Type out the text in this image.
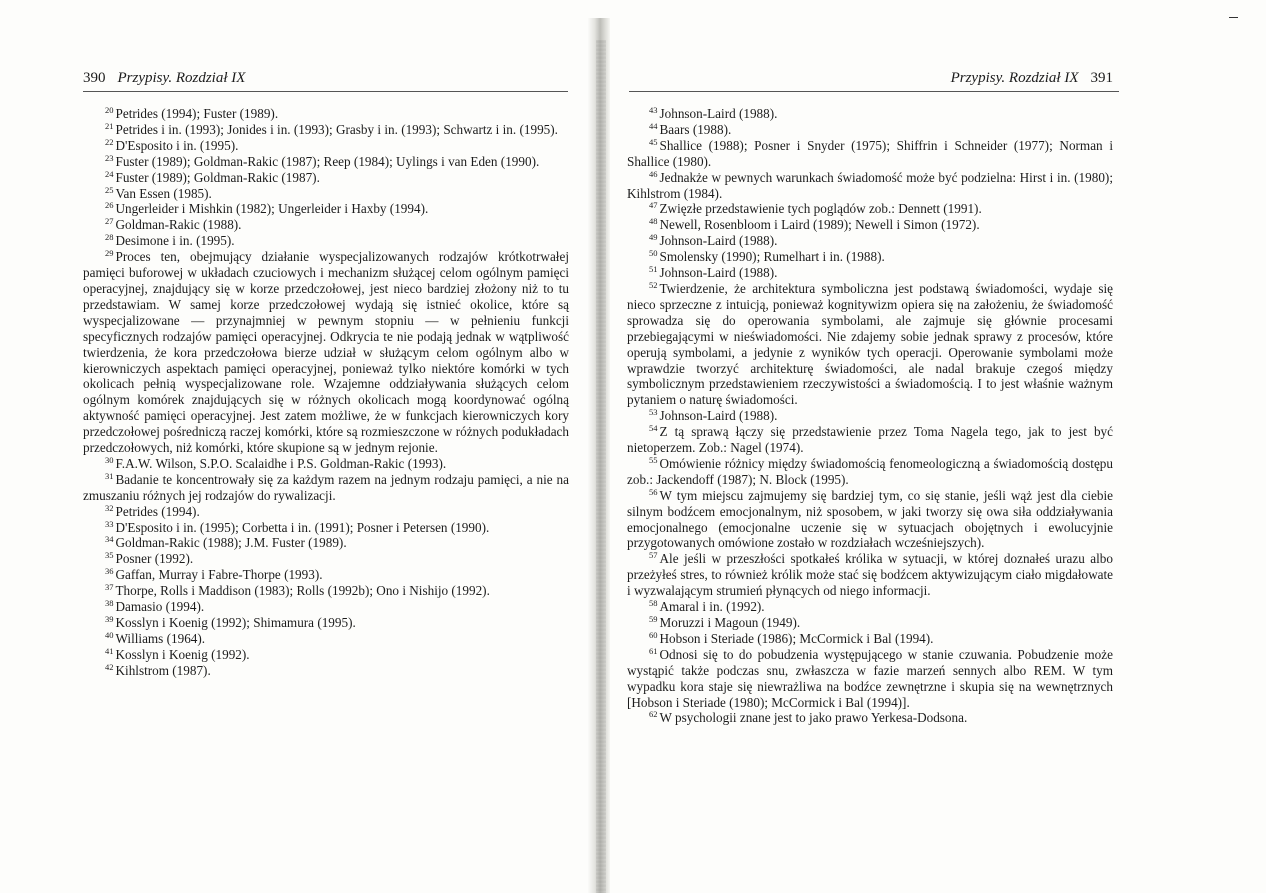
390 Przypisy. Rozdział IX

$^{20}$ Petrides (1994); Fuster (1989).

$^{21}$ Petrides i in. (1993); Jonides i in. (1993); Grasby i in. (1993); Schwartz i in. (1995).

$^{22}$ D'Esposito i in. (1995).

$^{23}$ Fuster (1989); Goldman-Rakic (1987); Reep (1984); Uylings i van Eden (1990).

$^{24}$ Fuster (1989); Goldman-Rakic (1987).

$^{25}$ Van Essen (1985).

$^{26}$ Ungerleider i Mishkin (1982); Ungerleider i Haxby (1994).

$^{27}$ Goldman-Rakic (1988).

$^{28}$ Desimone i in. (1995).

$^{29}$ Proces ten, obejmujący działanie wyspecjalizowanych rodzajów krótkotrwałej pamięci buforowej w układach czuciowych i mechanizm służącej celom ogólnym pamięci operacyjnej, znajdujący się w korze przedczołowej, jest nieco bardziej złożony niż to tu przedstawiam. W samej korze przedczołowej wydają się istnieć okolice, które są wyspecjalizowane — przynajmniej w pewnym stopniu — w pełnieniu funkcji specyficznych rodzajów pamięci operacyjnej. Odkrycia te nie podają jednak w wątpliwość twierdzenia, że kora przedczołowa bierze udział w służącym celom ogólnym albo w kierowniczych aspektach pamięci operacyjnej, ponieważ tylko niektóre komórki w tych okolicach pełnią wyspecjalizowane role. Wzajemne oddziaływania służących celom ogólnym komórek znajdujących się w różnych okolicach mogą koordynować ogólną aktywność pamięci operacyjnej. Jest zatem możliwe, że w funkcjach kierowniczych kory przedczołowej pośredniczą raczej komórki, które są rozmieszczone w różnych podukładach przedczołowych, niż komórki, które skupione są w jednym rejonie.

$^{30}$ F.A.W. Wilson, S.P.O. Scalaidhe i P.S. Goldman-Rakic (1993).

$^{31}$ Badanie te koncentrowały się za każdym razem na jednym rodzaju pamięci, a nie na zmuszaniu różnych jej rodzajów do rywalizacji.

$^{32}$ Petrides (1994).

$^{33}$ D'Esposito i in. (1995); Corbetta i in. (1991); Posner i Petersen (1990).

$^{34}$ Goldman-Rakic (1988); J.M. Fuster (1989).

$^{35}$ Posner (1992).

$^{36}$ Gaffan, Murray i Fabre-Thorpe (1993).

$^{37}$ Thorpe, Rolls i Maddison (1983); Rolls (1992b); Ono i Nishijo (1992).

$^{38}$ Damasio (1994).

$^{39}$ Kosslyn i Koenig (1992); Shimamura (1995).

$^{40}$ Williams (1964).

$^{41}$ Kosslyn i Koenig (1992).

$^{42}$ Kihlstrom (1987).

Przypisy. Rozdział IX 391

$^{43}$ Johnson-Laird (1988).

$^{44}$ Baars (1988).

$^{45}$ Shallice (1988); Posner i Snyder (1975); Shiffrin i Schneider (1977); Norman i Shallice (1980).

$^{46}$ Jednakże w pewnych warunkach świadomość może być podzielna: Hirst i in. (1980); Kihlstrom (1984).

$^{47}$ Zwięzłe przedstawienie tych poglądów zob.: Dennett (1991).

$^{48}$ Newell, Rosenbloom i Laird (1989); Newell i Simon (1972).

$^{49}$ Johnson-Laird (1988).

$^{50}$ Smolensky (1990); Rumelhart i in. (1988).

$^{51}$ Johnson-Laird (1988).

$^{52}$ Twierdzenie, że architektura symboliczna jest podstawą świadomości, wydaje się nieco sprzeczne z intuicją, ponieważ kognitywizm opiera się na założeniu, że świadomość sprowadza się do operowania symbolami, ale zajmuje się głównie procesami przebiegającymi w nieświadomości. Nie zdajemy sobie jednak sprawy z procesów, które operują symbolami, a jedynie z wyników tych operacji. Operowanie symbolami może wprawdzie tworzyć architekturę świadomości, ale nadal brakuje czegoś między symbolicznym przedstawieniem rzeczywistości a świadomością. I to jest właśnie ważnym pytaniem o naturę świadomości.

$^{53}$ Johnson-Laird (1988).

$^{54}$ Z tą sprawą łączy się przedstawienie przez Toma Nagela tego, jak to jest być nietoperzem. Zob.: Nagel (1974).

$^{55}$ Omówienie różnicy między świadomością fenomeologiczną a świadomością dostępu zob.: Jackendoff (1987); N. Block (1995).

$^{56}$ W tym miejscu zajmujemy się bardziej tym, co się stanie, jeśli wąż jest dla ciebie silnym bodźcem emocjonalnym, niż sposobem, w jaki tworzy się owa siła oddziaływania emocjonalnego (emocjonalne uczenie się w sytuacjach obojętnych i ewolucyjnie przygotowanych omówione zostało w rozdziałach wcześniejszych).

$^{57}$ Ale jeśli w przeszłości spotkałeś królika w sytuacji, w której doznałeś urazu albo przeżyłeś stres, to również królik może stać się bodźcem aktywizującym ciało migdałowate i wyzwalającym strumień płynących od niego informacji.

$^{58}$ Amaral i in. (1992).

$^{59}$ Moruzzi i Magoun (1949).

$^{60}$ Hobson i Steriade (1986); McCormick i Bal (1994).

$^{61}$ Odnosi się to do pobudzenia występującego w stanie czuwania. Pobudzenie może wystąpić także podczas snu, zwłaszcza w fazie marzeń sennych albo REM. W tym wypadku kora staje się niewrażliwa na bodźce zewnętrzne i skupia się na wewnętrznych [Hobson i Steriade (1980); McCormick i Bal (1994)].

$^{62}$ W psychologii znane jest to jako prawo Yerkesa-Dodsona.
